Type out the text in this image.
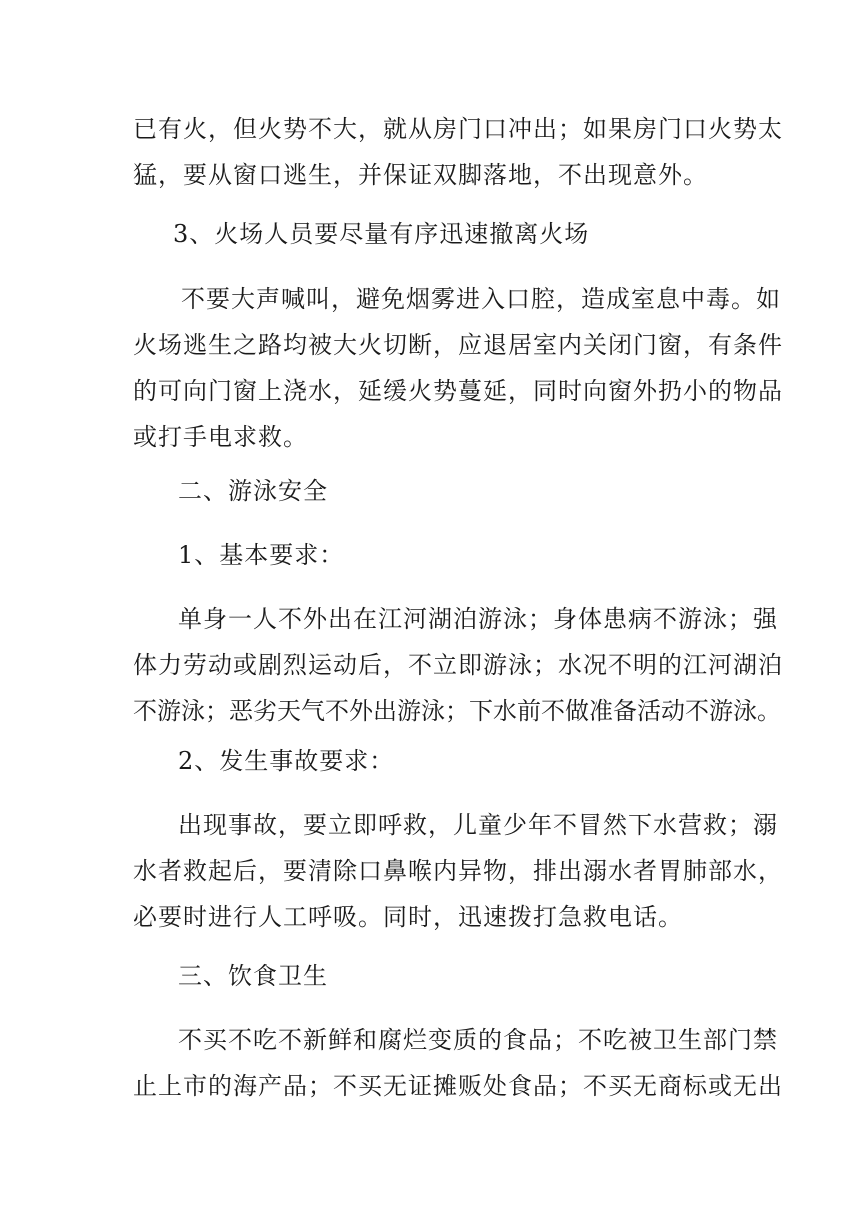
已有火，但火势不大，就从房门口冲出；如果房门口火势太
猛，要从窗口逃生，并保证双脚落地，不出现意外。

3、火场人员要尽量有序迅速撤离火场

不要大声喊叫，避免烟雾进入口腔，造成室息中毒。如
火场逃生之路均被大火切断，应退居室内关闭门窗，有条件
的可向门窗上浇水，延缓火势蔓延，同时向窗外扔小的物品
或打手电求救。

二、游泳安全

1、基本要求：

单身一人不外出在江河湖泊游泳；身体患病不游泳；强
体力劳动或剧烈运动后，不立即游泳；水况不明的江河湖泊
不游泳；恶劣天气不外出游泳；下水前不做准备活动不游泳。

2、发生事故要求：

出现事故，要立即呼救，儿童少年不冒然下水营救；溺
水者救起后，要清除口鼻喉内异物，排出溺水者胃肺部水，
必要时进行人工呼吸。同时，迅速拨打急救电话。

三、饮食卫生

不买不吃不新鲜和腐烂变质的食品；不吃被卫生部门禁
止上市的海产品；不买无证摊贩处食品；不买无商标或无出
